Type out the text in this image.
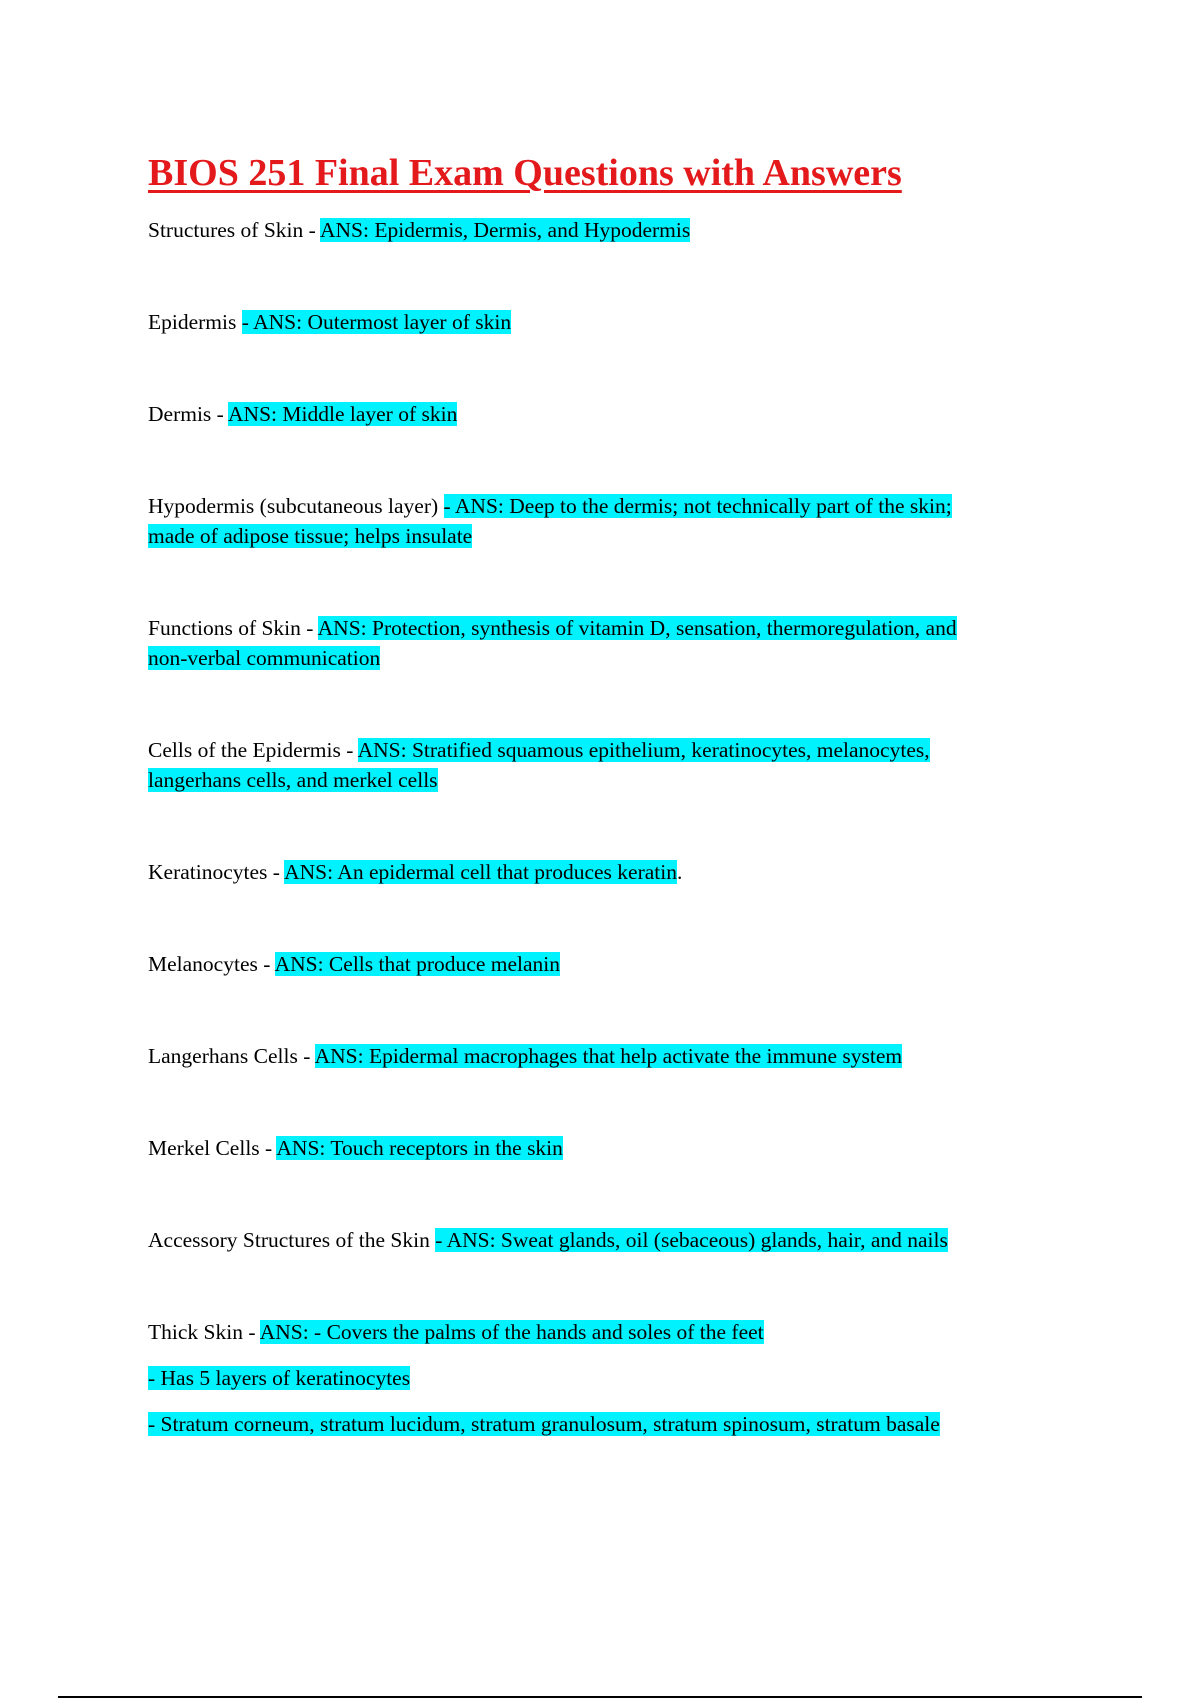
BIOS 251 Final Exam Questions with Answers

Structures of Skin - ANS: Epidermis, Dermis, and Hypodermis

Epidermis - ANS: Outermost layer of skin

Dermis - ANS: Middle layer of skin

Hypodermis (subcutaneous layer) - ANS: Deep to the dermis; not technically part of the skin;
made of adipose tissue; helps insulate

Functions of Skin - ANS: Protection, synthesis of vitamin D, sensation, thermoregulation, and
non-verbal communication

Cells of the Epidermis - ANS: Stratified squamous epithelium, keratinocytes, melanocytes,
langerhans cells, and merkel cells

Keratinocytes - ANS: An epidermal cell that produces keratin.

Melanocytes - ANS: Cells that produce melanin

Langerhans Cells - ANS: Epidermal macrophages that help activate the immune system

Merkel Cells - ANS: Touch receptors in the skin

Accessory Structures of the Skin - ANS: Sweat glands, oil (sebaceous) glands, hair, and nails

Thick Skin - ANS: - Covers the palms of the hands and soles of the feet

- Has 5 layers of keratinocytes
- Stratum corneum, stratum lucidum, stratum granulosum, stratum spinosum, stratum basale
